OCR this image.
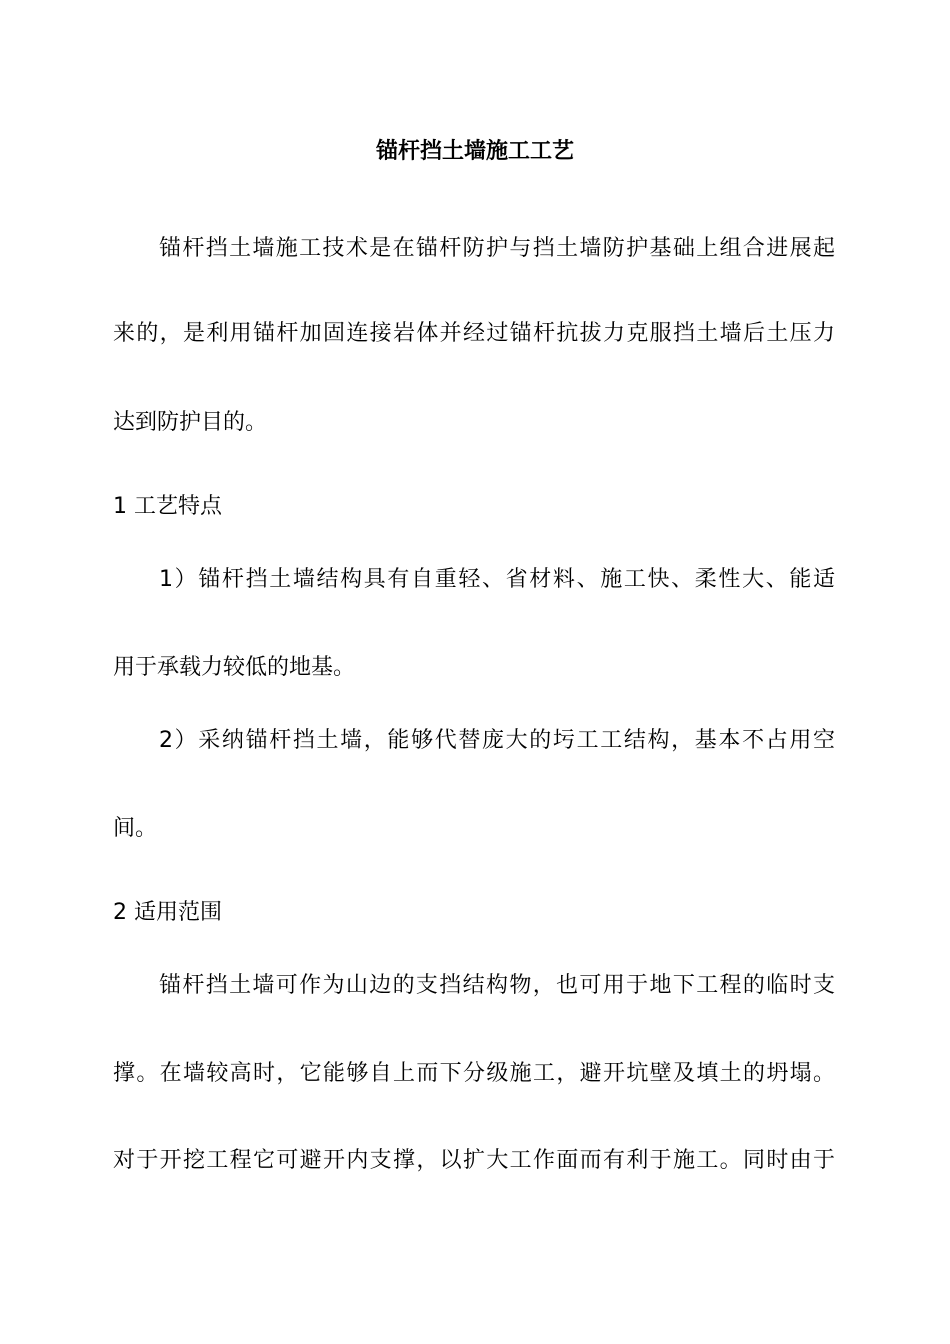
锚杆挡土墙施工工艺
锚杆挡土墙施工技术是在锚杆防护与挡土墙防护基础上组合进展起
来的，是利用锚杆加固连接岩体并经过锚杆抗拔力克服挡土墙后土压力
达到防护目的。
1 工艺特点
1）锚杆挡土墙结构具有自重轻、省材料、施工快、柔性大、能适
用于承载力较低的地基。
2）采纳锚杆挡土墙，能够代替庞大的圬工工结构，基本不占用空
间。
2 适用范围
锚杆挡土墙可作为山边的支挡结构物，也可用于地下工程的临时支
撑。在墙较高时，它能够自上而下分级施工，避开坑壁及填土的坍塌。
对于开挖工程它可避开内支撑，以扩大工作面而有利于施工。同时由于
